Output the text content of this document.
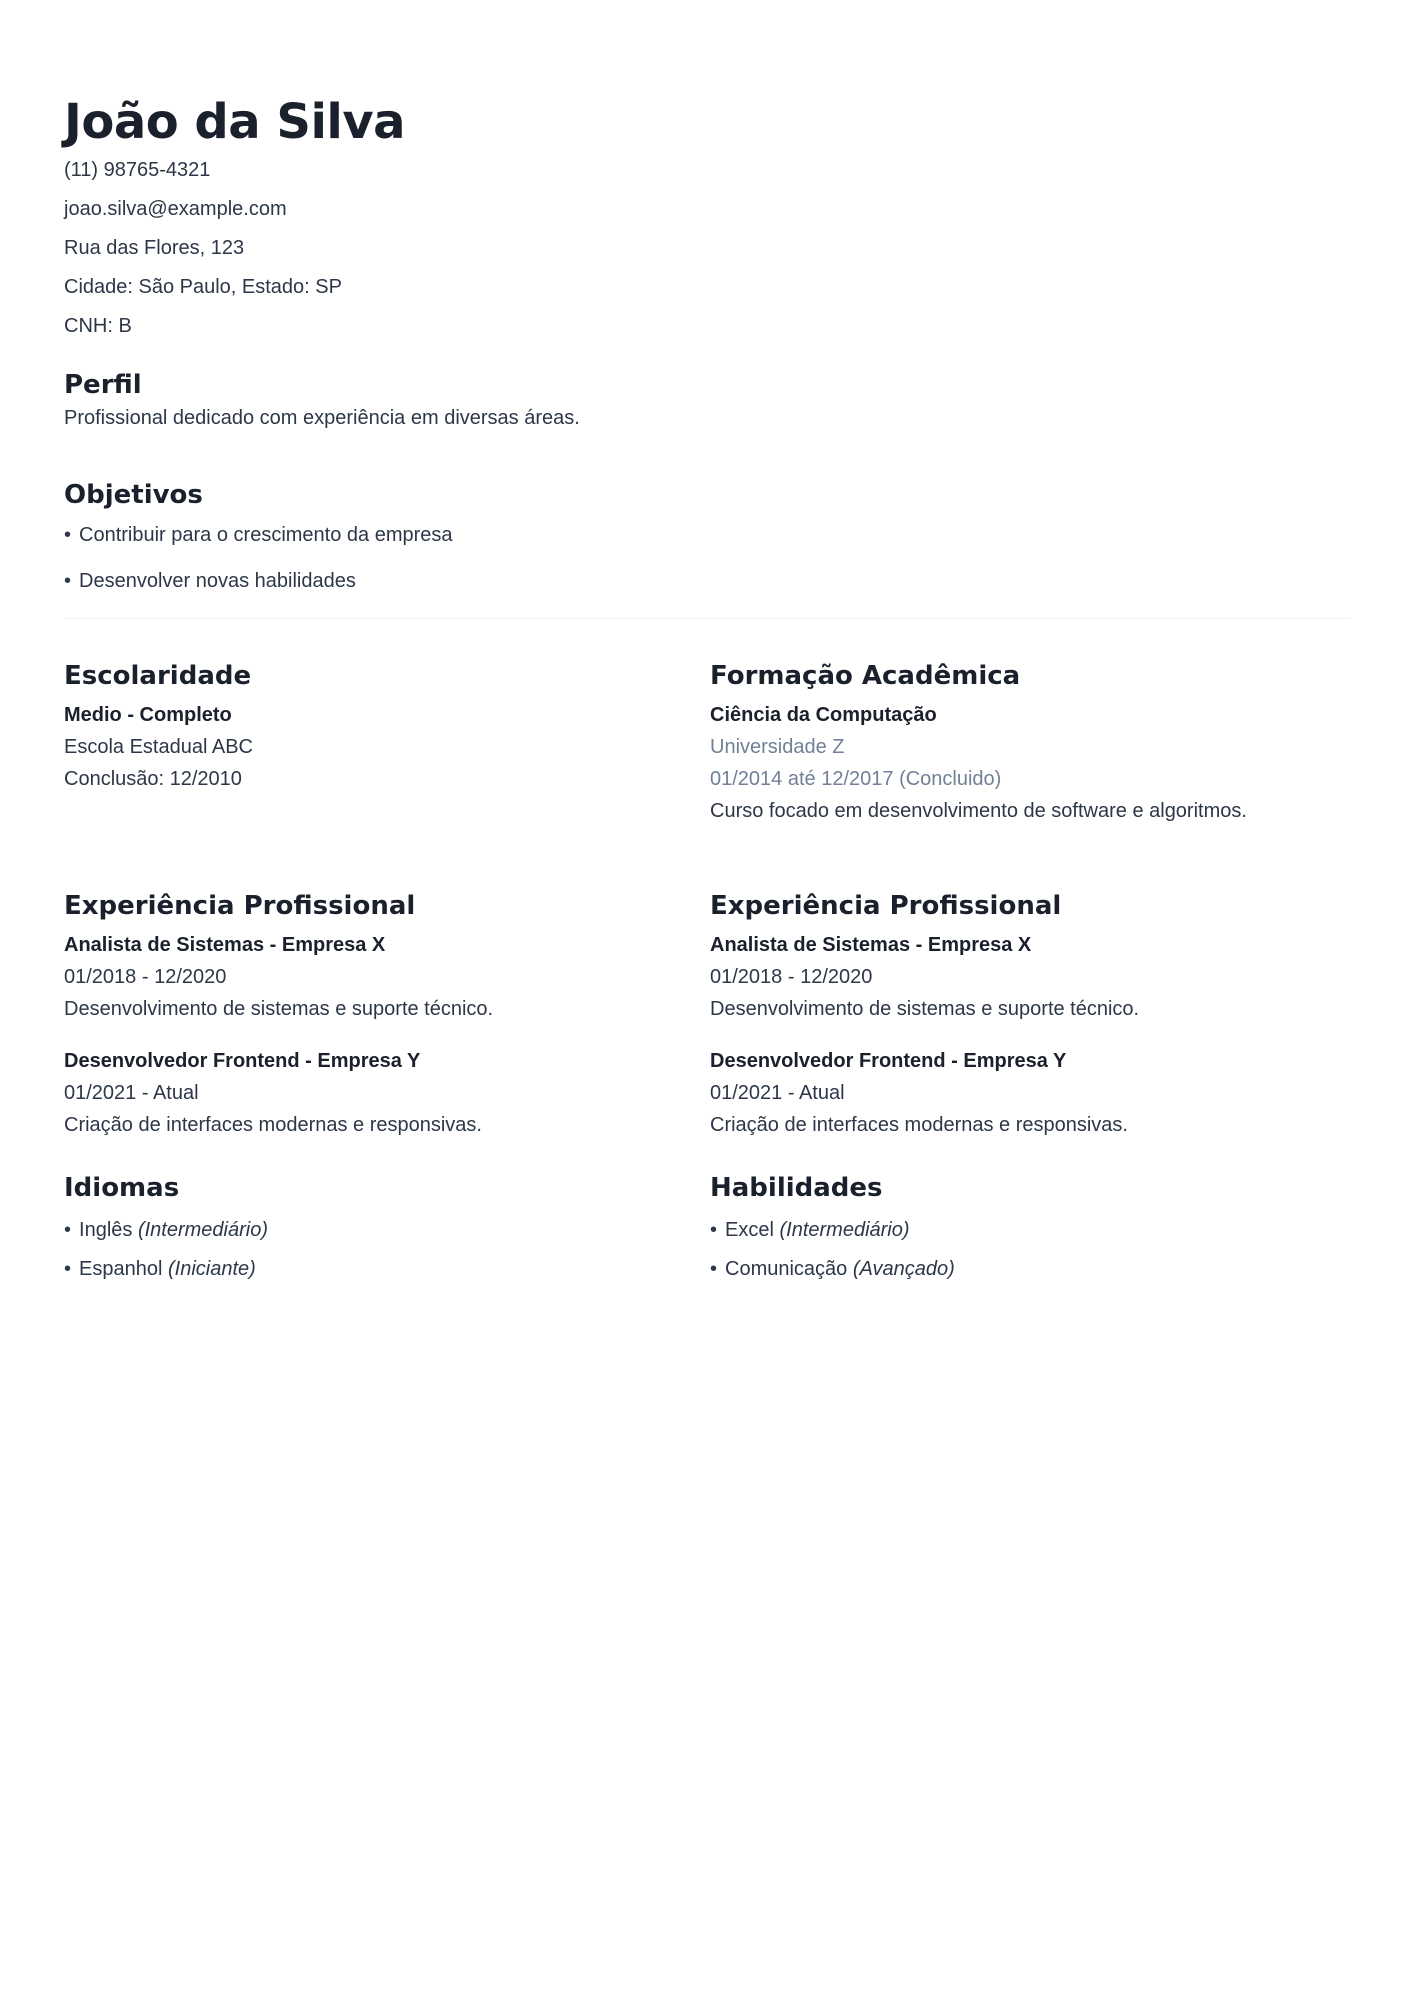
João da Silva

(11) 98765-4321

joao.silva@example.com

Rua das Flores, 123

Cidade: São Paulo, Estado: SP

CNH: B

Perfil

Profissional dedicado com experiência em diversas áreas.

Objetivos
• Contribuir para o crescimento da empresa
• Desenvolver novas habilidades
Escolaridade

Medio - Completo

Escola Estadual ABC

Conclusão: 12/2010

Formação Acadêmica

Ciência da Computação

Universidade Z

01/2014 até 12/2017 (Concluido)

Curso focado em desenvolvimento de software e algoritmos.

Experiência Profissional

Analista de Sistemas - Empresa X

01/2018 - 12/2020

Desenvolvimento de sistemas e suporte técnico.

Desenvolvedor Frontend - Empresa Y

01/2021 - Atual

Criação de interfaces modernas e responsivas.

Experiência Profissional

Analista de Sistemas - Empresa X

01/2018 - 12/2020

Desenvolvimento de sistemas e suporte técnico.

Desenvolvedor Frontend - Empresa Y

01/2021 - Atual

Criação de interfaces modernas e responsivas.

Idiomas
• Inglês (Intermediário)
• Espanhol (Iniciante)
Habilidades
• Excel (Intermediário)
• Comunicação (Avançado)
